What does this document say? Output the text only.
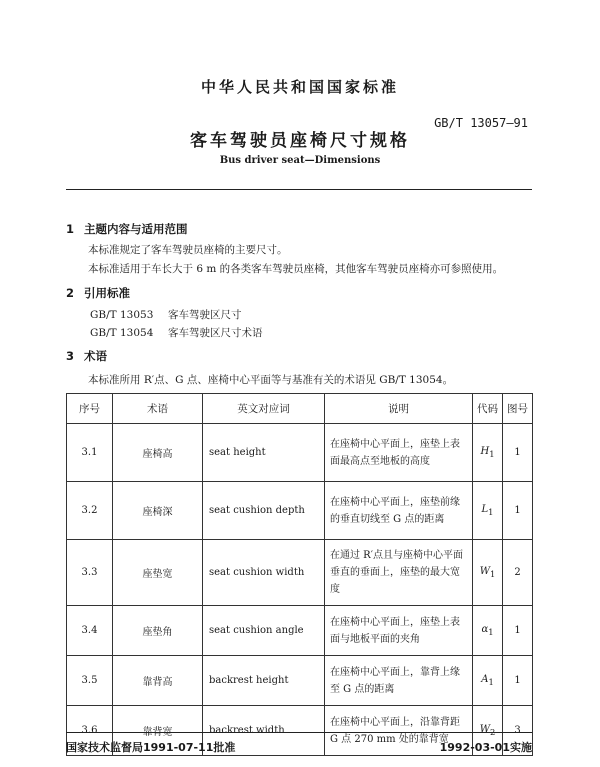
中华人民共和国国家标准
GB/T 13057—91
客车驾驶员座椅尺寸规格
Bus driver seat—Dimensions
1 主题内容与适用范围
本标准规定了客车驾驶员座椅的主要尺寸。
本标准适用于车长大于 6 m 的各类客车驾驶员座椅，其他客车驾驶员座椅亦可参照使用。
2 引用标准
GB/T 13053 客车驾驶区尺寸
GB/T 13054 客车驾驶区尺寸术语
3 术语
本标准所用 R′点、G 点、座椅中心平面等与基准有关的术语见 GB/T 13054。
序号	术语	英文对应词	说明	代码	图号
3.1	座椅高	seat height	在座椅中心平面上，座垫上表面最高点至地板的高度	$H_1$	1
3.2	座椅深	seat cushion depth	在座椅中心平面上，座垫前缘的垂直切线至 G 点的距离	$L_1$	1
3.3	座垫宽	seat cushion width	在通过 R′点且与座椅中心平面垂直的垂面上，座垫的最大宽度	$W_1$	2
3.4	座垫角	seat cushion angle	在座椅中心平面上，座垫上表面与地板平面的夹角	$\alpha_1$	1
3.5	靠背高	backrest height	在座椅中心平面上，靠背上缘至 G 点的距离	$A_1$	1
3.6	靠背宽	backrest width	在座椅中心平面上，沿靠背距 G 点 270 mm 处的靠背宽	$W_2$	3
国家技术监督局1991-07-11批准	1992-03-01实施
